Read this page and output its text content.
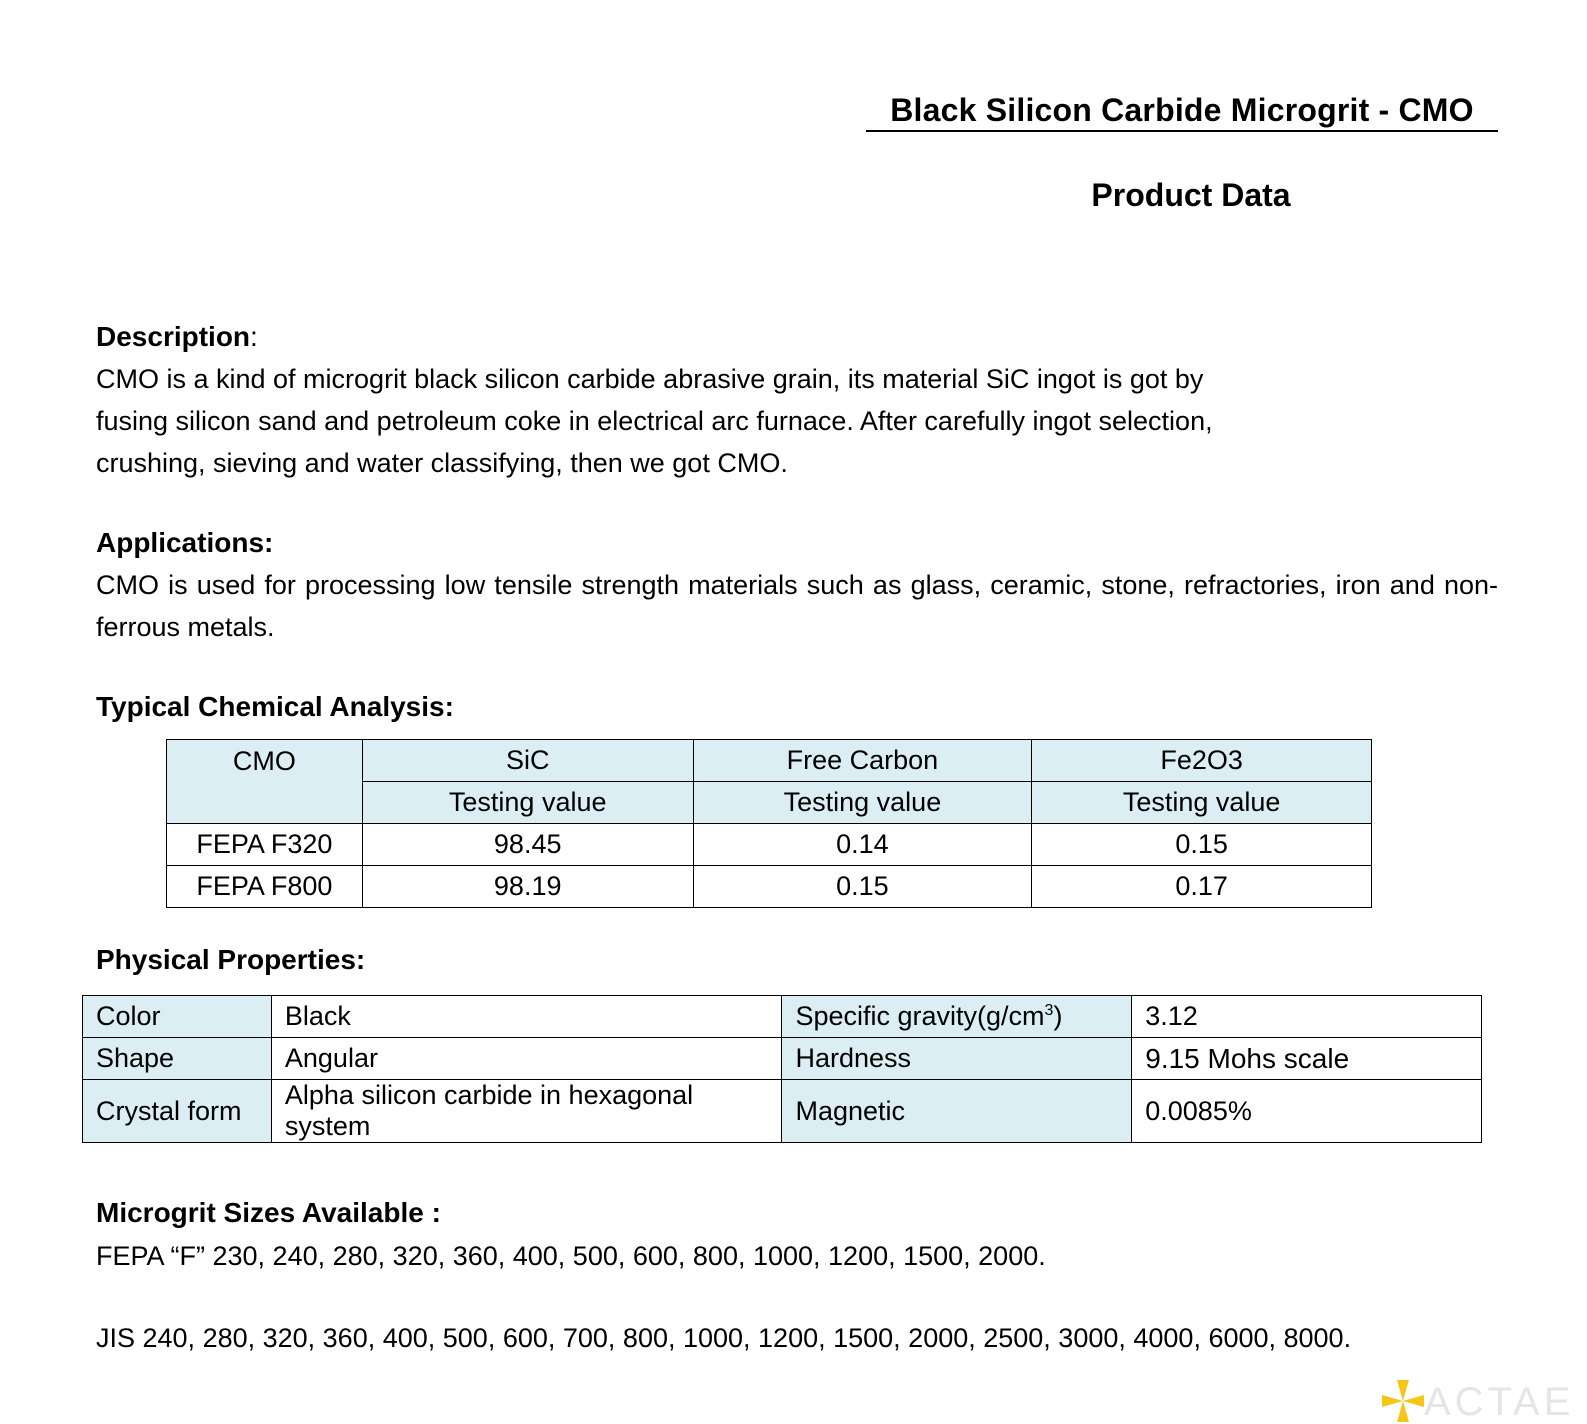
Black Silicon Carbide Microgrit - CMO
Product Data
Description:
CMO is a kind of microgrit black silicon carbide abrasive grain, its material SiC ingot is got by
fusing silicon sand and petroleum coke in electrical arc furnace. After carefully ingot selection,
crushing, sieving and water classifying, then we got CMO.
Applications:
CMO is used for processing low tensile strength materials such as glass, ceramic, stone, refractories, iron and non-ferrous metals.
Typical Chemical Analysis:
CMO	SiC	Free Carbon	Fe2O3
	Testing value	Testing value	Testing value
FEPA F320	98.45	0.14	0.15
FEPA F800	98.19	0.15	0.17
Physical Properties:
Color	Black	Specific $gravity(g/cm^3)$	3.12
Shape	Angular	Hardness	9.15 Mohs scale
Crystal form	Alpha silicon carbide in hexagonal system	Magnetic	0.0085%
Microgrit Sizes Available :
FEPA “F” 230, 240, 280, 320, 360, 400, 500, 600, 800, 1000, 1200, 1500, 2000.
JIS 240, 280, 320, 360, 400, 500, 600, 700, 800, 1000, 1200, 1500, 2000, 2500, 3000, 4000, 6000, 8000.
ACTAE
